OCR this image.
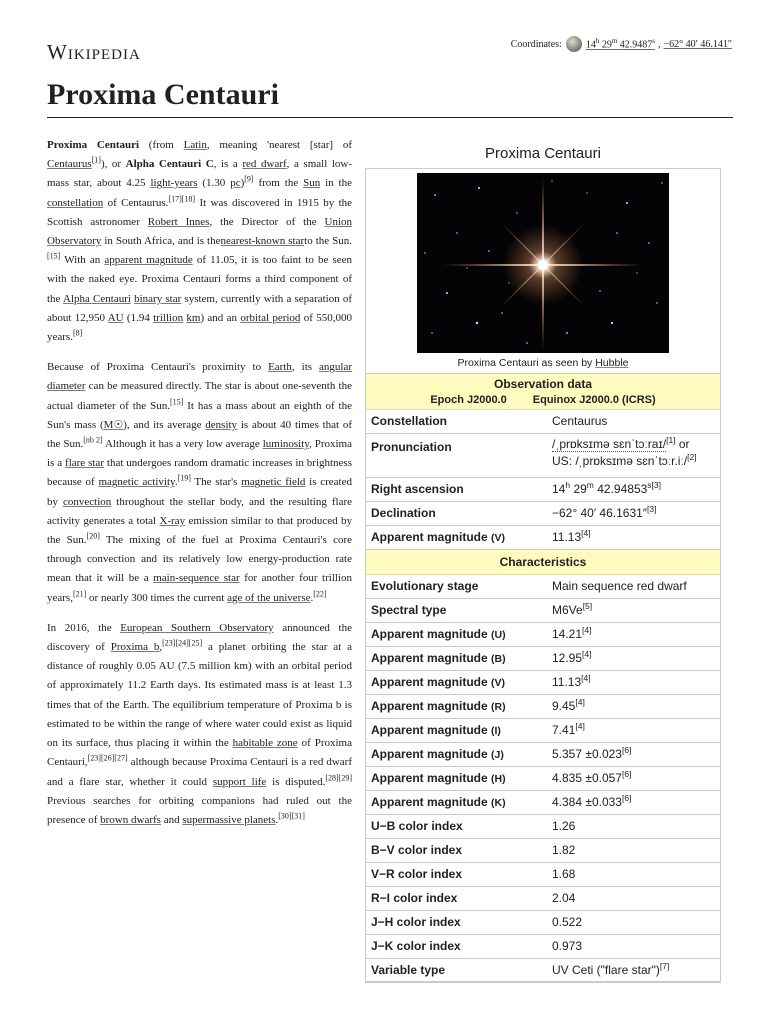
Wikipedia	Coordinates: 14$^h$ 29$^m$ 42.9487$^s$ , −62° 40′ 46.141″
Proxima Centauri

Proxima Centauri (from Latin, meaning 'nearest [star] of Centaurus[1]), or Alpha Centauri C, is a red dwarf, a small low-mass star, about 4.25 light-years (1.30 pc)[9] from the Sun in the constellation of Centaurus.[17][18] It was discovered in 1915 by the Scottish astronomer Robert Innes, the Director of the Union Observatory in South Africa, and is thenearest-known starto the Sun.[15] With an apparent magnitude of 11.05, it is too faint to be seen with the naked eye. Proxima Centauri forms a third component of the Alpha Centauri binary star system, currently with a separation of about 12,950 AU (1.94 trillion km) and an orbital period of 550,000 years.[8]

Because of Proxima Centauri's proximity to Earth, its angular diameter can be measured directly. The star is about one-seventh the actual diameter of the Sun.[15] It has a mass about an eighth of the Sun's mass (M☉), and its average density is about 40 times that of the Sun.[nb 2] Although it has a very low average luminosity, Proxima is a flare star that undergoes random dramatic increases in brightness because of magnetic activity.[19] The star's magnetic field is created by convection throughout the stellar body, and the resulting flare activity generates a total X-ray emission similar to that produced by the Sun.[20] The mixing of the fuel at Proxima Centauri's core through convection and its relatively low energy-production rate mean that it will be a main-sequence star for another four trillion years,[21] or nearly 300 times the current age of the universe.[22]

In 2016, the European Southern Observatory announced the discovery of Proxima b,[23][24][25] a planet orbiting the star at a distance of roughly 0.05 AU (7.5 million km) with an orbital period of approximately 11.2 Earth days. Its estimated mass is at least 1.3 times that of the Earth. The equilibrium temperature of Proxima b is estimated to be within the range of where water could exist as liquid on its surface, thus placing it within the habitable zone of Proxima Centauri,[23][26][27] although because Proxima Centauri is a red dwarf and a flare star, whether it could support life is disputed.[28][29] Previous searches for orbiting companions had ruled out the presence of brown dwarfs and supermassive planets.[30][31]

Proxima Centauri
Proxima Centauri as seen by Hubble
Observation data
Epoch J2000.0 Equinox J2000.0 (ICRS)
Constellation	Centaurus
Pronunciation	/ˌprɒksɪmə sɛnˈtɔːraɪ/[1] or
US: /ˌprɒksɪmə sɛnˈtɔːr.iː/[2]
Right ascension	14$^h$ 29$^m$ $42.94853^{s[3]}$
Declination	−62° 40′ 46.1631″[3]
Apparent magnitude (V)	11.13[4]
Characteristics
Evolutionary stage	Main sequence red dwarf
Spectral type	M6Ve[5]
Apparent magnitude (U)	14.21[4]
Apparent magnitude (B)	12.95[4]
Apparent magnitude (V)	11.13[4]
Apparent magnitude (R)	9.45[4]
Apparent magnitude (I)	7.41[4]
Apparent magnitude (J)	5.357 ±0.023[6]
Apparent magnitude (H)	4.835 ±0.057[6]
Apparent magnitude (K)	4.384 ±0.033[6]
U−B color index	1.26
B−V color index	1.82
V−R color index	1.68
R−I color index	2.04
J−H color index	0.522
J−K color index	0.973
Variable type	UV Ceti ("flare star")[7]
